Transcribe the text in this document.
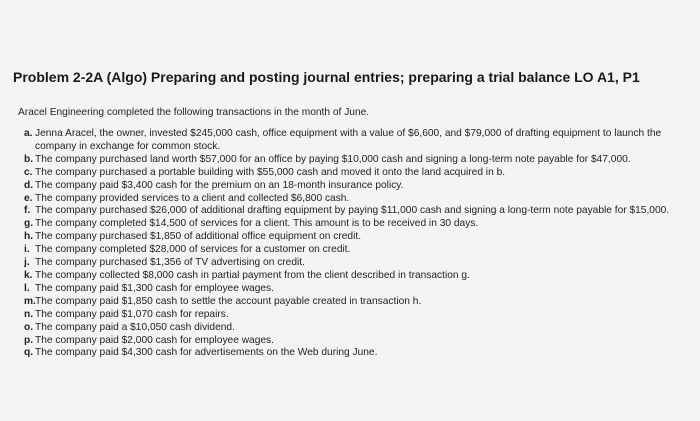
Problem 2-2A (Algo) Preparing and posting journal entries; preparing a trial balance LO A1, P1
Aracel Engineering completed the following transactions in the month of June.
a. Jenna Aracel, the owner, invested $245,000 cash, office equipment with a value of $6,600, and $79,000 of drafting equipment to launch the company in exchange for common stock.
b. The company purchased land worth $57,000 for an office by paying $10,000 cash and signing a long-term note payable for $47,000.
c. The company purchased a portable building with $55,000 cash and moved it onto the land acquired in b.
d. The company paid $3,400 cash for the premium on an 18-month insurance policy.
e. The company provided services to a client and collected $6,800 cash.
f. The company purchased $26,000 of additional drafting equipment by paying $11,000 cash and signing a long-term note payable for $15,000.
g. The company completed $14,500 of services for a client. This amount is to be received in 30 days.
h. The company purchased $1,850 of additional office equipment on credit.
i. The company completed $28,000 of services for a customer on credit.
j. The company purchased $1,356 of TV advertising on credit.
k. The company collected $8,000 cash in partial payment from the client described in transaction g.
l. The company paid $1,300 cash for employee wages.
m. The company paid $1,850 cash to settle the account payable created in transaction h.
n. The company paid $1,070 cash for repairs.
o. The company paid a $10,050 cash dividend.
p. The company paid $2,000 cash for employee wages.
q. The company paid $4,300 cash for advertisements on the Web during June.
